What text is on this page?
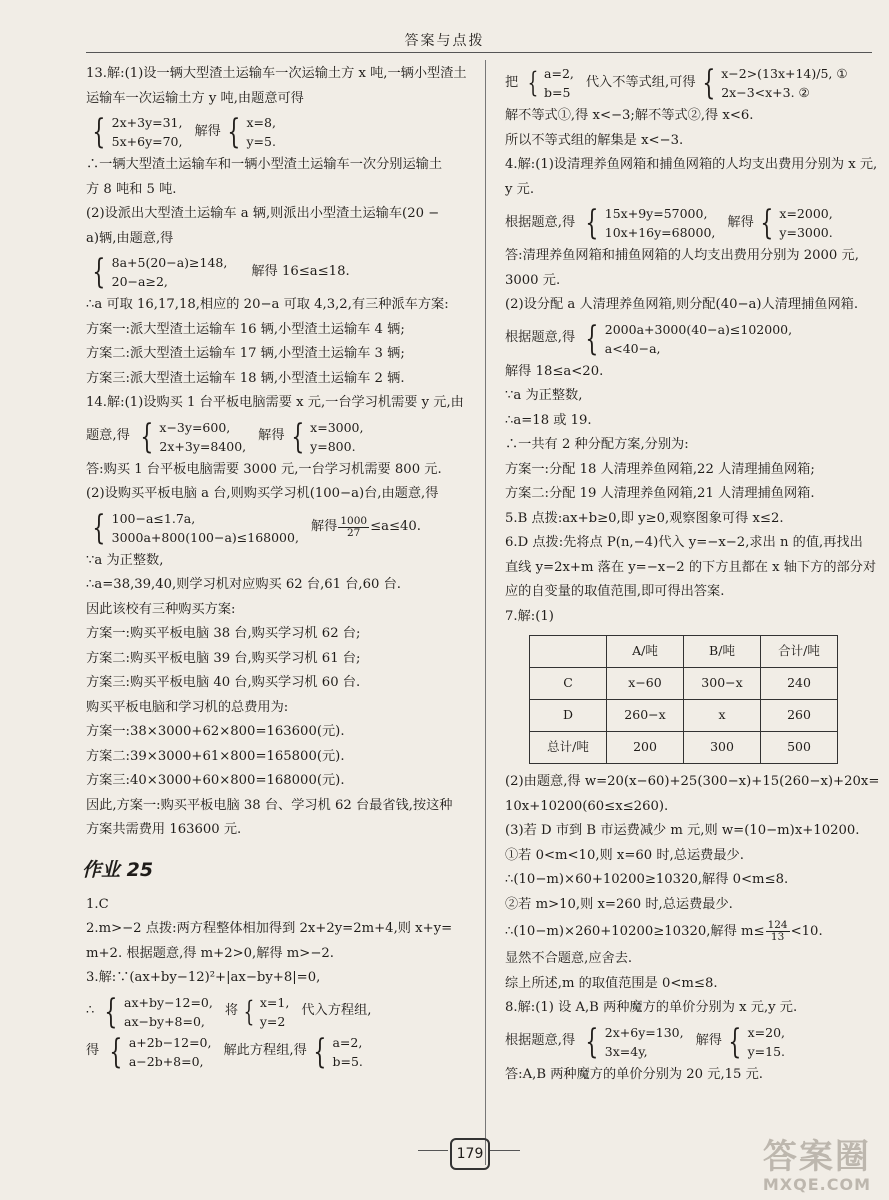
答案与点拨
13.解:(1)设一辆大型渣土运输车一次运输土方 x 吨,一辆小型渣土
运输车一次运输土方 y 吨,由题意可得
{ 2x+3y=31,
5x+6y=70,
解得 { x=8,
y=5.
∴一辆大型渣土运输车和一辆小型渣土运输车一次分别运输土
方 8 吨和 5 吨.
(2)设派出大型渣土运输车 a 辆,则派出小型渣土运输车(20 −
a)辆,由题意,得
{ 8a+5(20−a)≥148,
20−a≥2,
解得 16≤a≤18.
∴a 可取 16,17,18,相应的 20−a 可取 4,3,2,有三种派车方案:
方案一:派大型渣土运输车 16 辆,小型渣土运输车 4 辆;
方案二:派大型渣土运输车 17 辆,小型渣土运输车 3 辆;
方案三:派大型渣土运输车 18 辆,小型渣土运输车 2 辆.
14.解:(1)设购买 1 台平板电脑需要 x 元,一台学习机需要 y 元,由
题意,得 { x−3y=600,
2x+3y=8400,
解得 { x=3000,
y=800.
答:购买 1 台平板电脑需要 3000 元,一台学习机需要 800 元.
(2)设购买平板电脑 a 台,则购买学习机(100−a)台,由题意,得
{ 100−a≤1.7a,
3000a+800(100−a)≤168000,
解得 $\frac{1000}{27} \le a\le 40$.
∵a 为正整数,
∴a=38,39,40,则学习机对应购买 62 台,61 台,60 台.
因此该校有三种购买方案:
方案一:购买平板电脑 38 台,购买学习机 62 台;
方案二:购买平板电脑 39 台,购买学习机 61 台;
方案三:购买平板电脑 40 台,购买学习机 60 台.
购买平板电脑和学习机的总费用为:
方案一:38×3000+62×800=163600(元).
方案二:39×3000+61×800=165800(元).
方案三:40×3000+60×800=168000(元).
因此,方案一:购买平板电脑 38 台、学习机 62 台最省钱,按这种
方案共需费用 163600 元.
作业 25
1.C
2.m>−2 点拨:两方程整体相加得到 2x+2y=2m+4,则 x+y=
m+2. 根据题意,得 m+2>0,解得 m>−2.
3.解:∵(ax+by−12)²+|ax−by+8|=0,
∴ { ax+by−12=0,
ax−by+8=0,
将 { x=1,
y=2
代入方程组,
得 { a+2b−12=0,
a−2b+8=0,
解此方程组,得 { a=2,
b=5.
把 { a=2,
b=5
代入不等式组,可得 { x−2>(13x+14)/5, ①
2x−3<x+3. ②
解不等式①,得 x<−3;解不等式②,得 x<6.
所以不等式组的解集是 x<−3.
4.解:(1)设清理养鱼网箱和捕鱼网箱的人均支出费用分别为 x 元,
y 元.
根据题意,得 { 15x+9y=57000,
10x+16y=68000,
解得 { x=2000,
y=3000.
答:清理养鱼网箱和捕鱼网箱的人均支出费用分别为 2000 元,
3000 元.
(2)设分配 a 人清理养鱼网箱,则分配(40−a)人清理捕鱼网箱.
根据题意,得 { 2000a+3000(40−a)≤102000,
a<40−a,
解得 18≤a<20.
∵a 为正整数,
∴a=18 或 19.
∴一共有 2 种分配方案,分别为:
方案一:分配 18 人清理养鱼网箱,22 人清理捕鱼网箱;
方案二:分配 19 人清理养鱼网箱,21 人清理捕鱼网箱.
5.B 点拨:ax+b≥0,即 y≥0,观察图象可得 x≤2.
6.D 点拨:先将点 P(n,−4)代入 y=−x−2,求出 n 的值,再找出
直线 y=2x+m 落在 y=−x−2 的下方且都在 x 轴下方的部分对
应的自变量的取值范围,即可得出答案.
7.解:(1)
	A/吨	B/吨	合计/吨
C	x−60	300−x	240
D	260−x	x	260
总计/吨	200	300	500
(2)由题意,得 w=20(x−60)+25(300−x)+15(260−x)+20x=
10x+10200(60≤x≤260).
(3)若 D 市到 B 市运费减少 m 元,则 w=(10−m)x+10200.
①若 0<m<10,则 x=60 时,总运费最少.
∴(10−m)×60+10200≥10320,解得 0<m≤8.
②若 m>10,则 x=260 时,总运费最少.
∴(10−m)×260+10200≥10320,解得 $m\le \frac{124}{13} <10$.
显然不合题意,应舍去.
综上所述,m 的取值范围是 0<m≤8.
8.解:(1) 设 A,B 两种魔方的单价分别为 x 元,y 元.
根据题意,得 { 2x+6y=130,
3x=4y,
解得 { x=20,
y=15.
答:A,B 两种魔方的单价分别为 20 元,15 元.
179	答案圈
MXQE.COM
